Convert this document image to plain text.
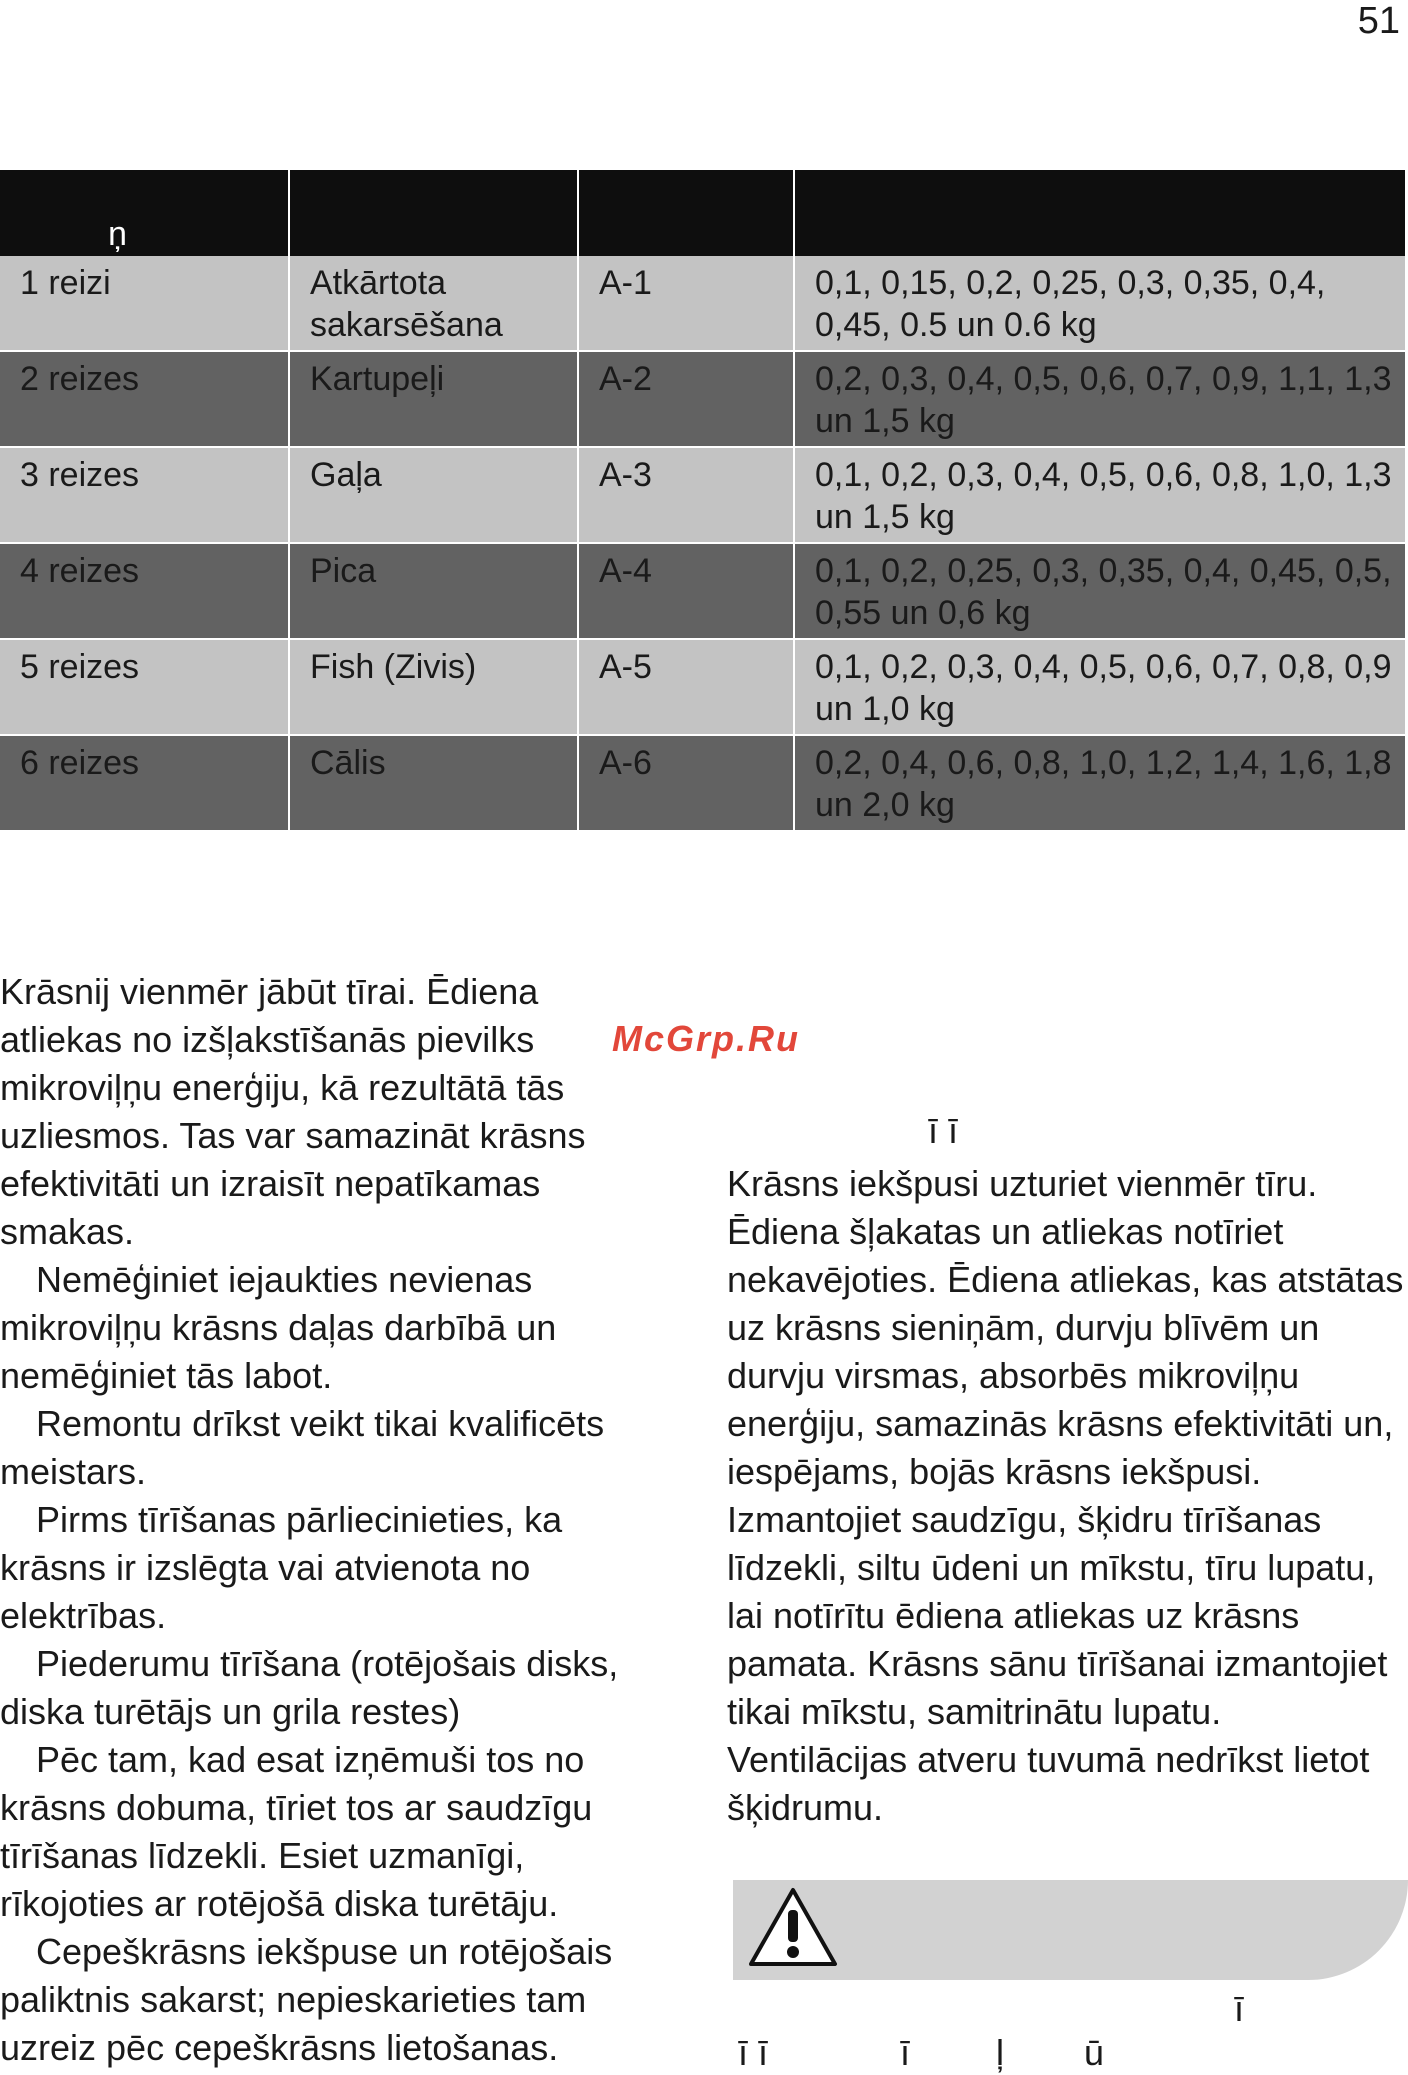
51
ņ			
1 reizi	Atkārtota sakarsēšana	A-1	0,1, 0,15, 0,2, 0,25, 0,3, 0,35, 0,4, 0,45, 0.5 un 0.6 kg
2 reizes	Kartupeļi	A-2	0,2, 0,3, 0,4, 0,5, 0,6, 0,7, 0,9, 1,1, 1,3 un 1,5 kg
3 reizes	Gaļa	A-3	0,1, 0,2, 0,3, 0,4, 0,5, 0,6, 0,8, 1,0, 1,3 un 1,5 kg
4 reizes	Pica	A-4	0,1, 0,2, 0,25, 0,3, 0,35, 0,4, 0,45, 0,5, 0,55 un 0,6 kg
5 reizes	Fish (Zivis)	A-5	0,1, 0,2, 0,3, 0,4, 0,5, 0,6, 0,7, 0,8, 0,9 un 1,0 kg
6 reizes	Cālis	A-6	0,2, 0,4, 0,6, 0,8, 1,0, 1,2, 1,4, 1,6, 1,8 un 2,0 kg

Krāsnij vienmēr jābūt tīrai. Ēdiena atliekas no izšļakstīšanās pievilks mikroviļņu enerģiju, kā rezultātā tās uzliesmos. Tas var samazināt krāsns efektivitāti un izraisīt nepatīkamas smakas.

Nemēģiniet iejaukties nevienas mikroviļņu krāsns daļas darbībā un nemēģiniet tās labot.

Remontu drīkst veikt tikai kvalificēts meistars.

Pirms tīrīšanas pārliecinieties, ka krāsns ir izslēgta vai atvienota no elektrības.

Piederumu tīrīšana (rotējošais disks, diska turētājs un grila restes)

Pēc tam, kad esat izņēmuši tos no krāsns dobuma, tīriet tos ar saudzīgu tīrīšanas līdzekli. Esiet uzmanīgi, rīkojoties ar rotējošā diska turētāju.

Cepeškrāsns iekšpuse un rotējošais paliktnis sakarst; nepieskarieties tam uzreiz pēc cepeškrāsns lietošanas.

McGrp.Ru
ī ī

Krāsns iekšpusi uzturiet vienmēr tīru. Ēdiena šļakatas un atliekas notīriet nekavējoties. Ēdiena atliekas, kas atstātas uz krāsns sieniņām, durvju blīvēm un durvju virsmas, absorbēs mikroviļņu enerģiju, samazinās krāsns efektivitāti un, iespējams, bojās krāsns iekšpusi. Izmantojiet saudzīgu, šķidru tīrīšanas līdzekli, siltu ūdeni un mīkstu, tīru lupatu, lai notīrītu ēdiena atliekas uz krāsns pamata. Krāsns sānu tīrīšanai izmantojiet tikai mīkstu, samitrinātu lupatu. Ventilācijas atveru tuvumā nedrīkst lietot šķidrumu.

ī
ī ī	ī ļ ū
